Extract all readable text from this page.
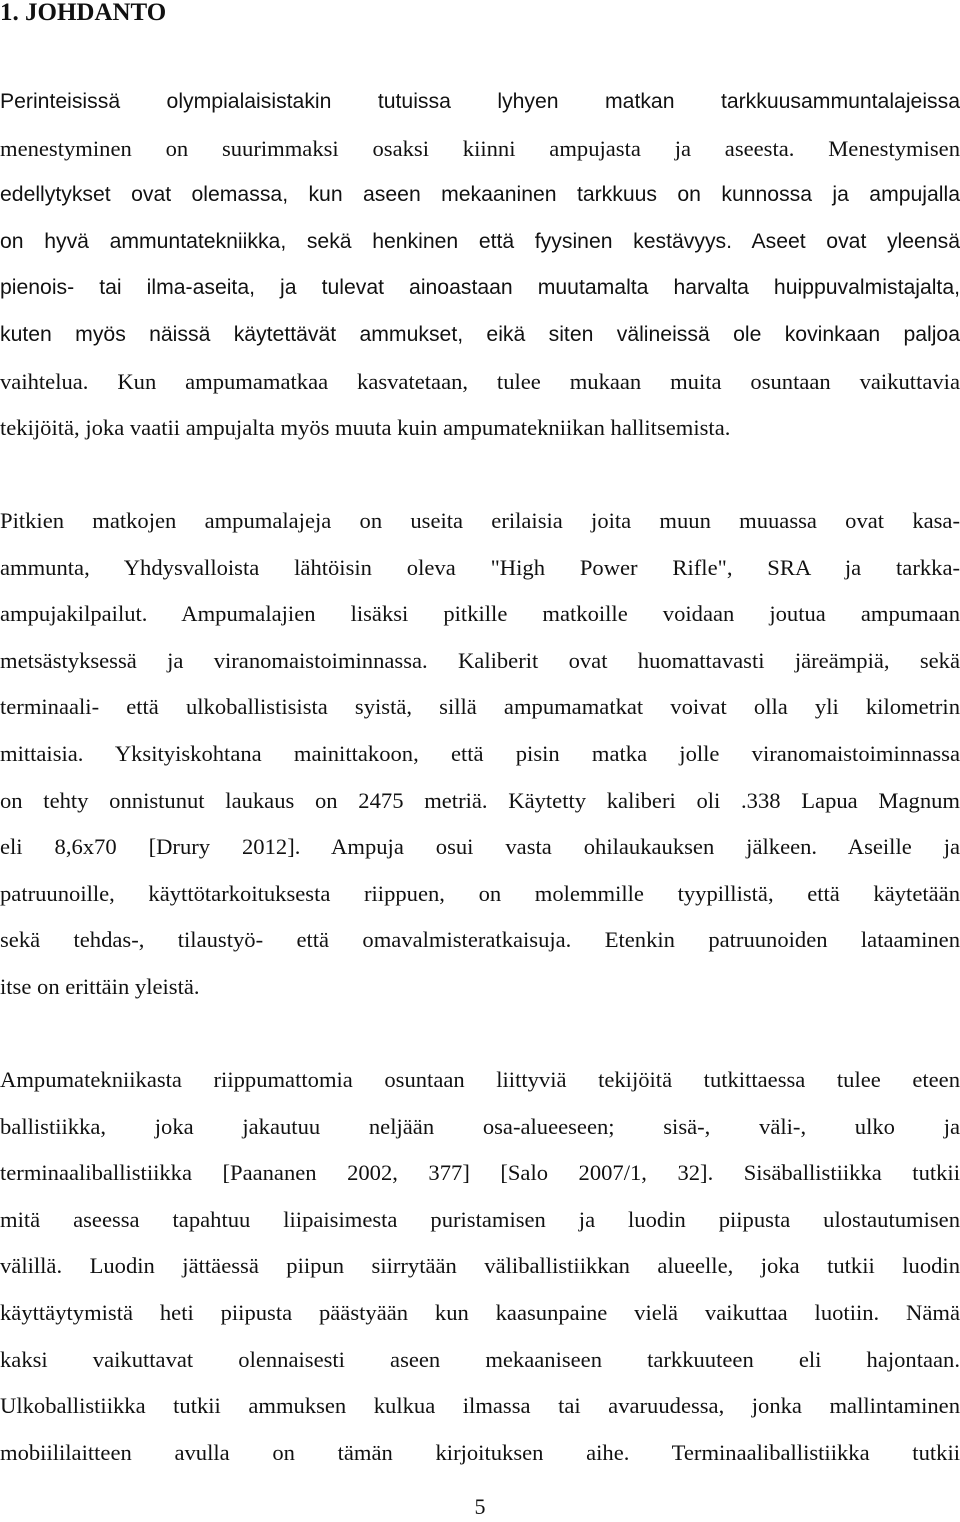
1. JOHDANTO
Perinteisissä olympialaisistakin tutuissa lyhyen matkan tarkkuusammuntalajeissa
menestyminen on suurimmaksi osaksi kiinni ampujasta ja aseesta. Menestymisen
edellytykset ovat olemassa, kun aseen mekaaninen tarkkuus on kunnossa ja ampujalla
on hyvä ammuntatekniikka, sekä henkinen että fyysinen kestävyys. Aseet ovat yleensä
pienois- tai ilma-aseita, ja tulevat ainoastaan muutamalta harvalta huippuvalmistajalta,
kuten myös näissä käytettävät ammukset, eikä siten välineissä ole kovinkaan paljoa
vaihtelua. Kun ampumamatkaa kasvatetaan, tulee mukaan muita osuntaan vaikuttavia
tekijöitä, joka vaatii ampujalta myös muuta kuin ampumatekniikan hallitsemista.
Pitkien matkojen ampumalajeja on useita erilaisia joita muun muuassa ovat kasa-
ammunta, Yhdysvalloista lähtöisin oleva "High Power Rifle", SRA ja tarkka-
ampujakilpailut. Ampumalajien lisäksi pitkille matkoille voidaan joutua ampumaan
metsästyksessä ja viranomaistoiminnassa. Kaliberit ovat huomattavasti järeämpiä, sekä
terminaali- että ulkoballistisista syistä, sillä ampumamatkat voivat olla yli kilometrin
mittaisia. Yksityiskohtana mainittakoon, että pisin matka jolle viranomaistoiminnassa
on tehty onnistunut laukaus on 2475 metriä. Käytetty kaliberi oli .338 Lapua Magnum
eli 8,6x70 [Drury 2012]. Ampuja osui vasta ohilaukauksen jälkeen. Aseille ja
patruunoille, käyttötarkoituksesta riippuen, on molemmille tyypillistä, että käytetään
sekä tehdas-, tilaustyö- että omavalmisteratkaisuja. Etenkin patruunoiden lataaminen
itse on erittäin yleistä.
Ampumatekniikasta riippumattomia osuntaan liittyviä tekijöitä tutkittaessa tulee eteen
ballistiikka, joka jakautuu neljään osa-alueeseen; sisä-, väli-, ulko ja
terminaaliballistiikka [Paananen 2002, 377] [Salo 2007/1, 32]. Sisäballistiikka tutkii
mitä aseessa tapahtuu liipaisimesta puristamisen ja luodin piipusta ulostautumisen
välillä. Luodin jättäessä piipun siirrytään väliballistiikkan alueelle, joka tutkii luodin
käyttäytymistä heti piipusta päästyään kun kaasunpaine vielä vaikuttaa luotiin. Nämä
kaksi vaikuttavat olennaisesti aseen mekaaniseen tarkkuuteen eli hajontaan.
Ulkoballistiikka tutkii ammuksen kulkua ilmassa tai avaruudessa, jonka mallintaminen
mobiililaitteen avulla on tämän kirjoituksen aihe. Terminaaliballistiikka tutkii
5
